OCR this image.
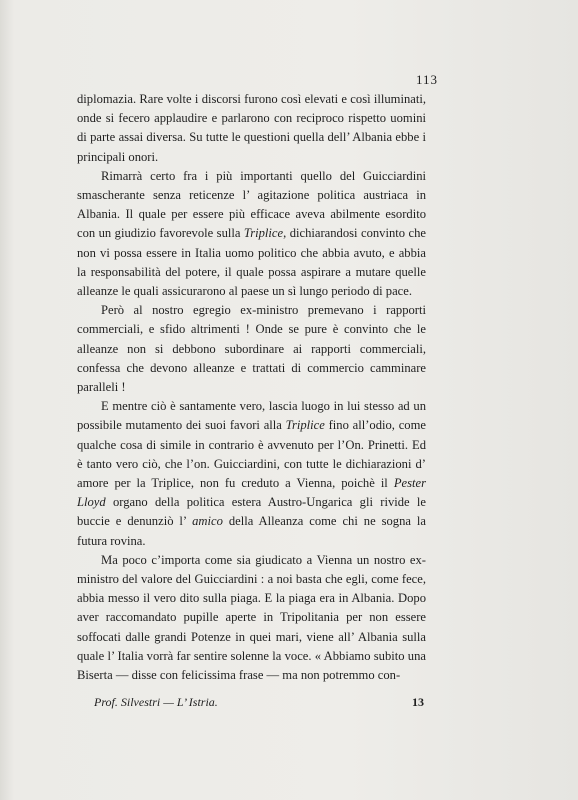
113

diplomazia. Rare volte i discorsi furono così elevati e così illuminati, onde si fecero applaudire e parlarono con reciproco rispetto uomini di parte assai diversa. Su tutte le questioni quella dell’ Albania ebbe i principali onori.

Rimarrà certo fra i più importanti quello del Guicciardini smascherante senza reticenze l’ agitazione politica austriaca in Albania. Il quale per essere più efficace aveva abilmente esordito con un giudizio favorevole sulla Triplice, dichiarandosi convinto che non vi possa essere in Italia uomo politico che abbia avuto, e abbia la responsabilità del potere, il quale possa aspirare a mutare quelle alleanze le quali assicurarono al paese un sì lungo periodo di pace.

Però al nostro egregio ex-ministro premevano i rapporti commerciali, e sfido altrimenti ! Onde se pure è convinto che le alleanze non si debbono subordinare ai rapporti commerciali, confessa che devono alleanze e trattati di commercio camminare paralleli !

E mentre ciò è santamente vero, lascia luogo in lui stesso ad un possibile mutamento dei suoi favori alla Triplice fino all’odio, come qualche cosa di simile in contrario è avvenuto per l’On. Prinetti. Ed è tanto vero ciò, che l’on. Guicciardini, con tutte le dichiarazioni d’ amore per la Triplice, non fu creduto a Vienna, poichè il Pester Lloyd organo della politica estera Austro-Ungarica gli rivide le buccie e denunziò l’ amico della Alleanza come chi ne sogna la futura rovina.

Ma poco c’importa come sia giudicato a Vienna un nostro ex-ministro del valore del Guicciardini : a noi basta che egli, come fece, abbia messo il vero dito sulla piaga. E la piaga era in Albania. Dopo aver raccomandato pupille aperte in Tripolitania per non essere soffocati dalle grandi Potenze in quei mari, viene all’ Albania sulla quale l’ Italia vorrà far sentire solenne la voce. « Abbiamo subito una Biserta — disse con felicissima frase — ma non potremmo con-

Prof. Silvestri — L’ Istria.	13
